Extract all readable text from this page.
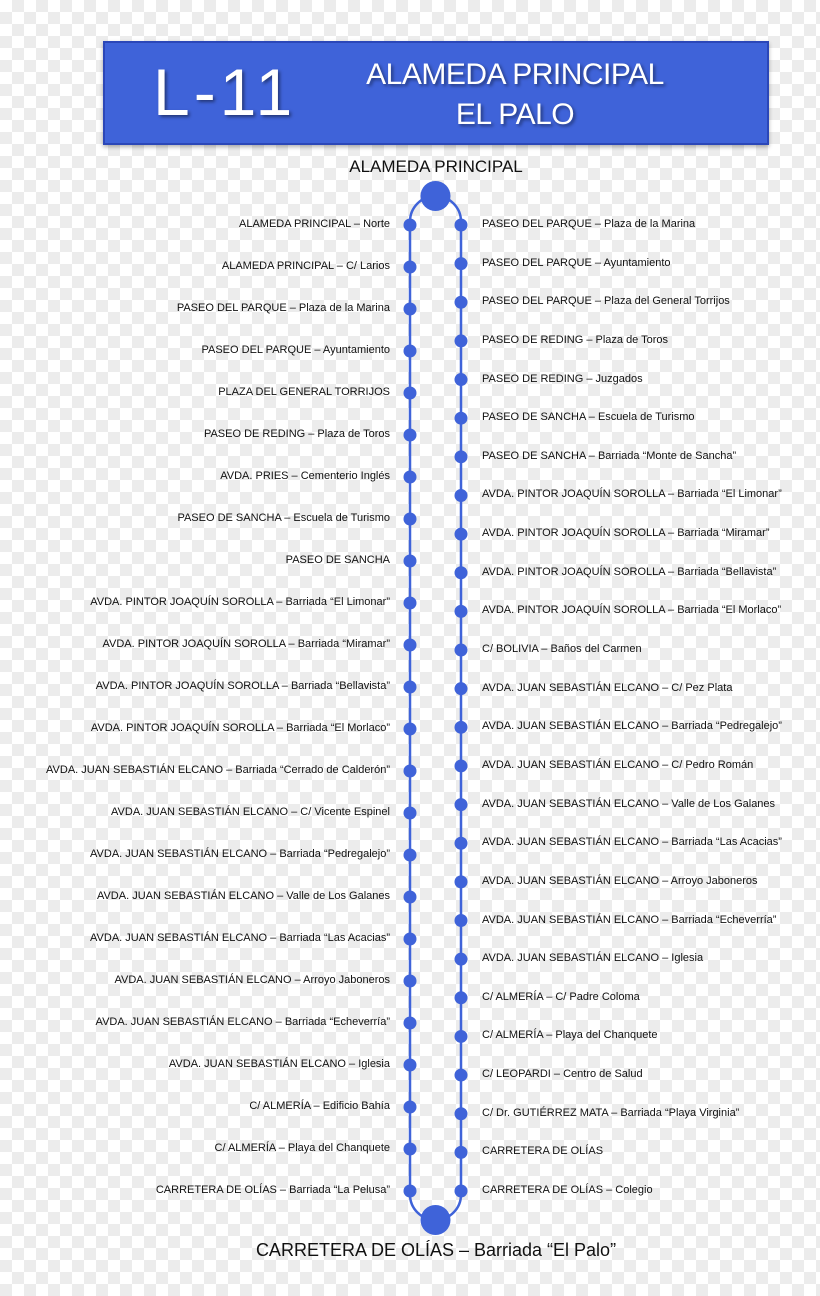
L-11	ALAMEDA PRINCIPAL
EL PALO
ALAMEDA PRINCIPAL
CARRETERA DE OLÍAS – Barriada “El Palo”
ALAMEDA PRINCIPAL – Norte
ALAMEDA PRINCIPAL – C/ Larios
PASEO DEL PARQUE – Plaza de la Marina
PASEO DEL PARQUE – Ayuntamiento
PLAZA DEL GENERAL TORRIJOS
PASEO DE REDING – Plaza de Toros
AVDA. PRIES – Cementerio Inglés
PASEO DE SANCHA – Escuela de Turismo
PASEO DE SANCHA
AVDA. PINTOR JOAQUÍN SOROLLA – Barriada “El Limonar”
AVDA. PINTOR JOAQUÍN SOROLLA – Barriada “Miramar”
AVDA. PINTOR JOAQUÍN SOROLLA – Barriada “Bellavista”
AVDA. PINTOR JOAQUÍN SOROLLA – Barriada “El Morlaco”
AVDA. JUAN SEBASTIÁN ELCANO – Barriada “Cerrado de Calderón”
AVDA. JUAN SEBASTIÁN ELCANO – C/ Vicente Espinel
AVDA. JUAN SEBASTIÁN ELCANO – Barriada “Pedregalejo”
AVDA. JUAN SEBASTIÁN ELCANO – Valle de Los Galanes
AVDA. JUAN SEBASTIÁN ELCANO – Barriada “Las Acacias”
AVDA. JUAN SEBASTIÁN ELCANO – Arroyo Jaboneros
AVDA. JUAN SEBASTIÁN ELCANO – Barriada “Echeverría”
AVDA. JUAN SEBASTIÁN ELCANO – Iglesia
C/ ALMERÍA – Edificio Bahía
C/ ALMERÍA – Playa del Chanquete
CARRETERA DE OLÍAS – Barriada “La Pelusa”
PASEO DEL PARQUE – Plaza de la Marina
PASEO DEL PARQUE – Ayuntamiento
PASEO DEL PARQUE – Plaza del General Torrijos
PASEO DE REDING – Plaza de Toros
PASEO DE REDING – Juzgados
PASEO DE SANCHA – Escuela de Turismo
PASEO DE SANCHA – Barriada “Monte de Sancha”
AVDA. PINTOR JOAQUÍN SOROLLA – Barriada “El Limonar”
AVDA. PINTOR JOAQUÍN SOROLLA – Barriada “Miramar”
AVDA. PINTOR JOAQUÍN SOROLLA – Barriada “Bellavista”
AVDA. PINTOR JOAQUÍN SOROLLA – Barriada “El Morlaco”
C/ BOLIVIA – Baños del Carmen
AVDA. JUAN SEBASTIÁN ELCANO – C/ Pez Plata
AVDA. JUAN SEBASTIÁN ELCANO – Barriada “Pedregalejo”
AVDA. JUAN SEBASTIÁN ELCANO – C/ Pedro Román
AVDA. JUAN SEBASTIÁN ELCANO – Valle de Los Galanes
AVDA. JUAN SEBASTIÁN ELCANO – Barriada “Las Acacias”
AVDA. JUAN SEBASTIÁN ELCANO – Arroyo Jaboneros
AVDA. JUAN SEBASTIÁN ELCANO – Barriada “Echeverría”
AVDA. JUAN SEBASTIÁN ELCANO – Iglesia
C/ ALMERÍA – C/ Padre Coloma
C/ ALMERÍA – Playa del Chanquete
C/ LEOPARDI – Centro de Salud
C/ Dr. GUTIÉRREZ MATA – Barriada “Playa Virginia”
CARRETERA DE OLÍAS
CARRETERA DE OLÍAS – Colegio
